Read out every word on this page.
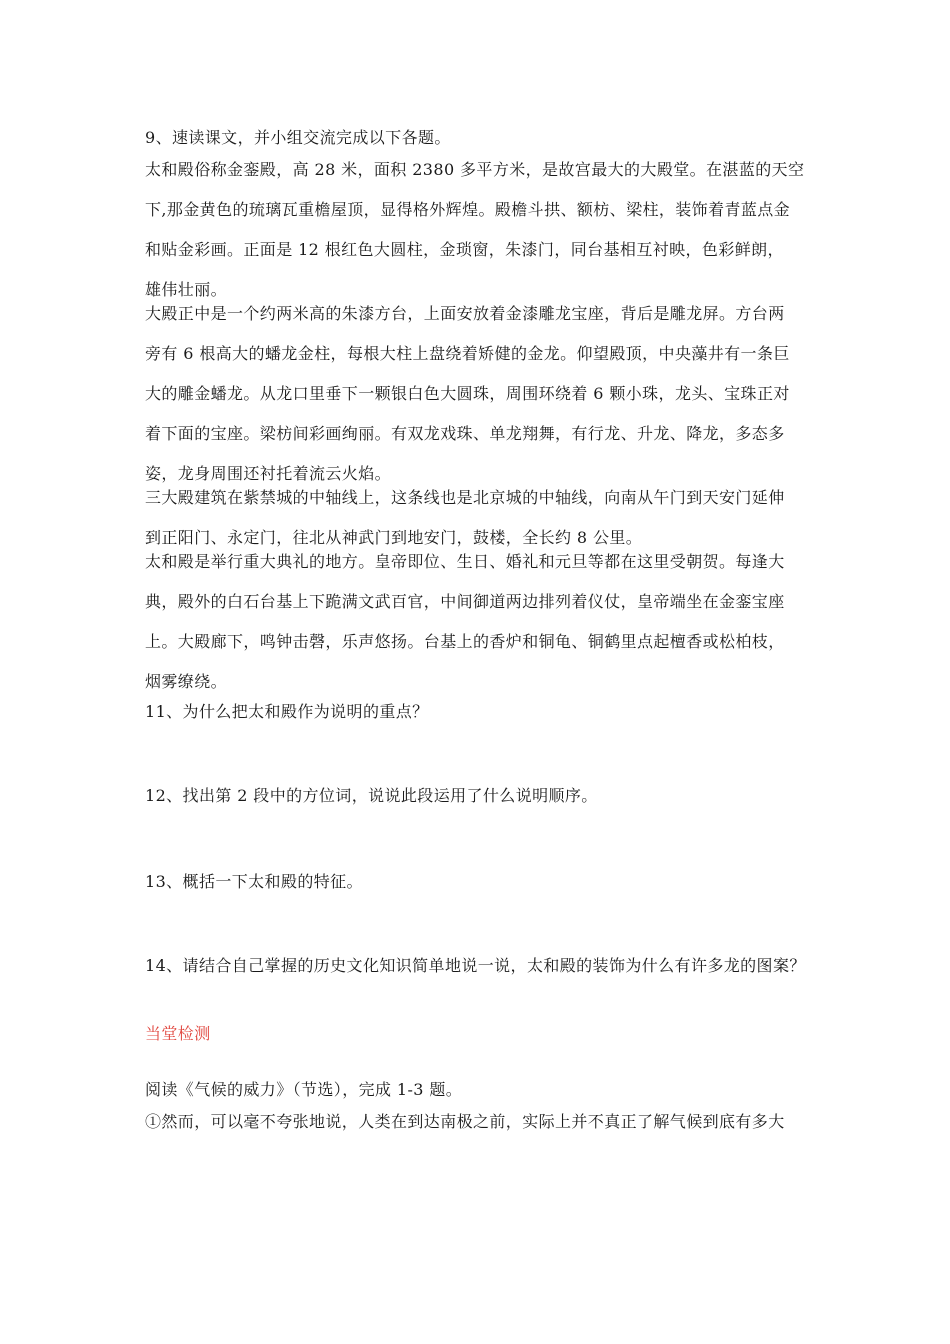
9、速读课文，并小组交流完成以下各题。
太和殿俗称金銮殿，高 28 米，面积 2380 多平方米，是故宫最大的大殿堂。在湛蓝的天空
下,那金黄色的琉璃瓦重檐屋顶，显得格外辉煌。殿檐斗拱、额枋、梁柱，装饰着青蓝点金
和贴金彩画。正面是 12 根红色大圆柱，金琐窗，朱漆门，同台基相互衬映，色彩鲜朗，
雄伟壮丽。
大殿正中是一个约两米高的朱漆方台，上面安放着金漆雕龙宝座，背后是雕龙屏。方台两
旁有 6 根高大的蟠龙金柱，每根大柱上盘绕着矫健的金龙。仰望殿顶，中央藻井有一条巨
大的雕金蟠龙。从龙口里垂下一颗银白色大圆珠，周围环绕着 6 颗小珠，龙头、宝珠正对
着下面的宝座。梁枋间彩画绚丽。有双龙戏珠、单龙翔舞，有行龙、升龙、降龙，多态多
姿，龙身周围还衬托着流云火焰。
三大殿建筑在紫禁城的中轴线上，这条线也是北京城的中轴线，向南从午门到天安门延伸
到正阳门、永定门，往北从神武门到地安门，鼓楼，全长约 8 公里。
太和殿是举行重大典礼的地方。皇帝即位、生日、婚礼和元旦等都在这里受朝贺。每逢大
典，殿外的白石台基上下跪满文武百官，中间御道两边排列着仪仗，皇帝端坐在金銮宝座
上。大殿廊下，鸣钟击磬，乐声悠扬。台基上的香炉和铜龟、铜鹤里点起檀香或松柏枝，
烟雾缭绕。
11、为什么把太和殿作为说明的重点？
12、找出第 2 段中的方位词，说说此段运用了什么说明顺序。
13、概括一下太和殿的特征。
14、请结合自己掌握的历史文化知识简单地说一说，太和殿的装饰为什么有许多龙的图案？
当堂检测
阅读《气候的威力》（节选），完成 1-3 题。
①然而，可以毫不夸张地说，人类在到达南极之前，实际上并不真正了解气候到底有多大
